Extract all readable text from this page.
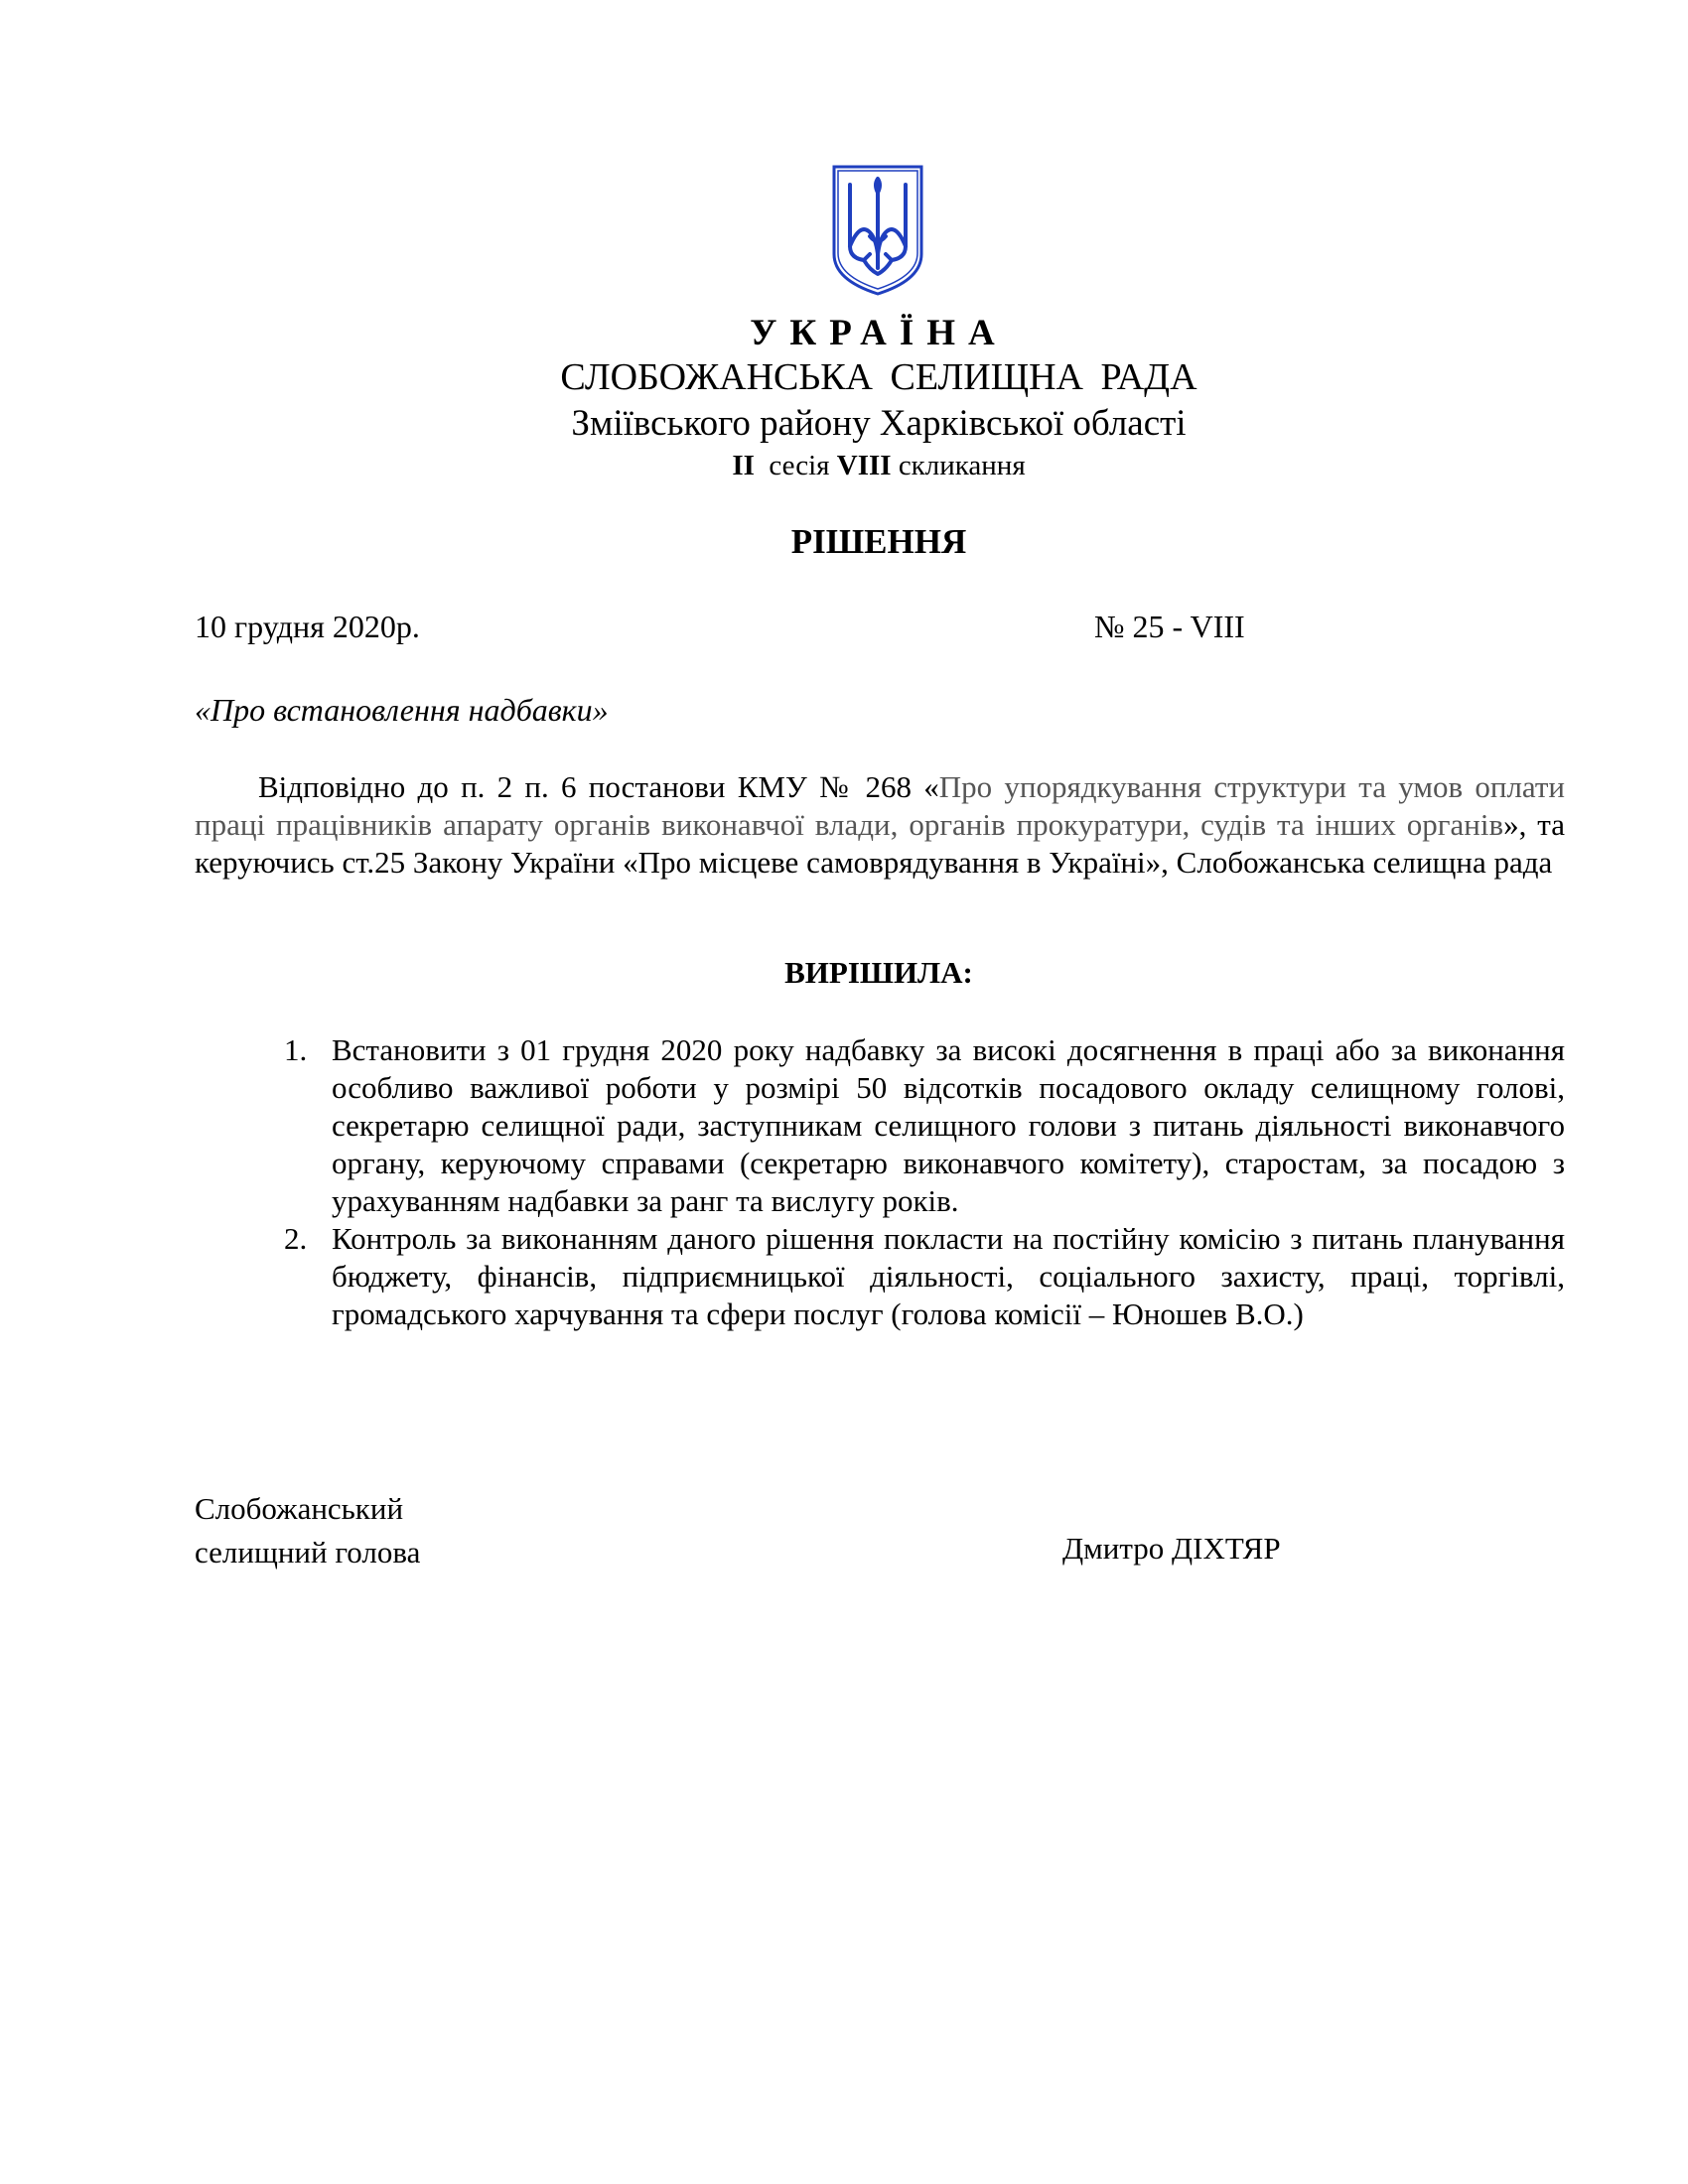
УКРАЇНА
СЛОБОЖАНСЬКА СЕЛИЩНА РАДА
Зміївського району Харківської області
II сесія VIII скликання
РІШЕННЯ
10 грудня 2020р.	№ 25 - VIII
«Про встановлення надбавки»
Відповідно до п. 2 п. 6 постанови КМУ № 268 «Про упорядкування структури та умов оплати праці працівників апарату органів виконавчої влади, органів прокуратури, судів та інших органів», та керуючись ст.25 Закону України «Про місцеве самоврядування в Україні», Слобожанська селищна рада
ВИРІШИЛА:
1. Встановити з 01 грудня 2020 року надбавку за високі досягнення в праці або за виконання особливо важливої роботи у розмірі 50 відсотків посадового окладу селищному голові, секретарю селищної ради, заступникам селищного голови з питань діяльності виконавчого органу, керуючому справами (секретарю виконавчого комітету), старостам, за посадою з урахуванням надбавки за ранг та вислугу років.
2. Контроль за виконанням даного рішення покласти на постійну комісію з питань планування бюджету, фінансів, підприємницької діяльності, соціального захисту, праці, торгівлі, громадського харчування та сфери послуг (голова комісії – Юношев В.О.)
Слобожанський
селищний голова	Дмитро ДІХТЯР
